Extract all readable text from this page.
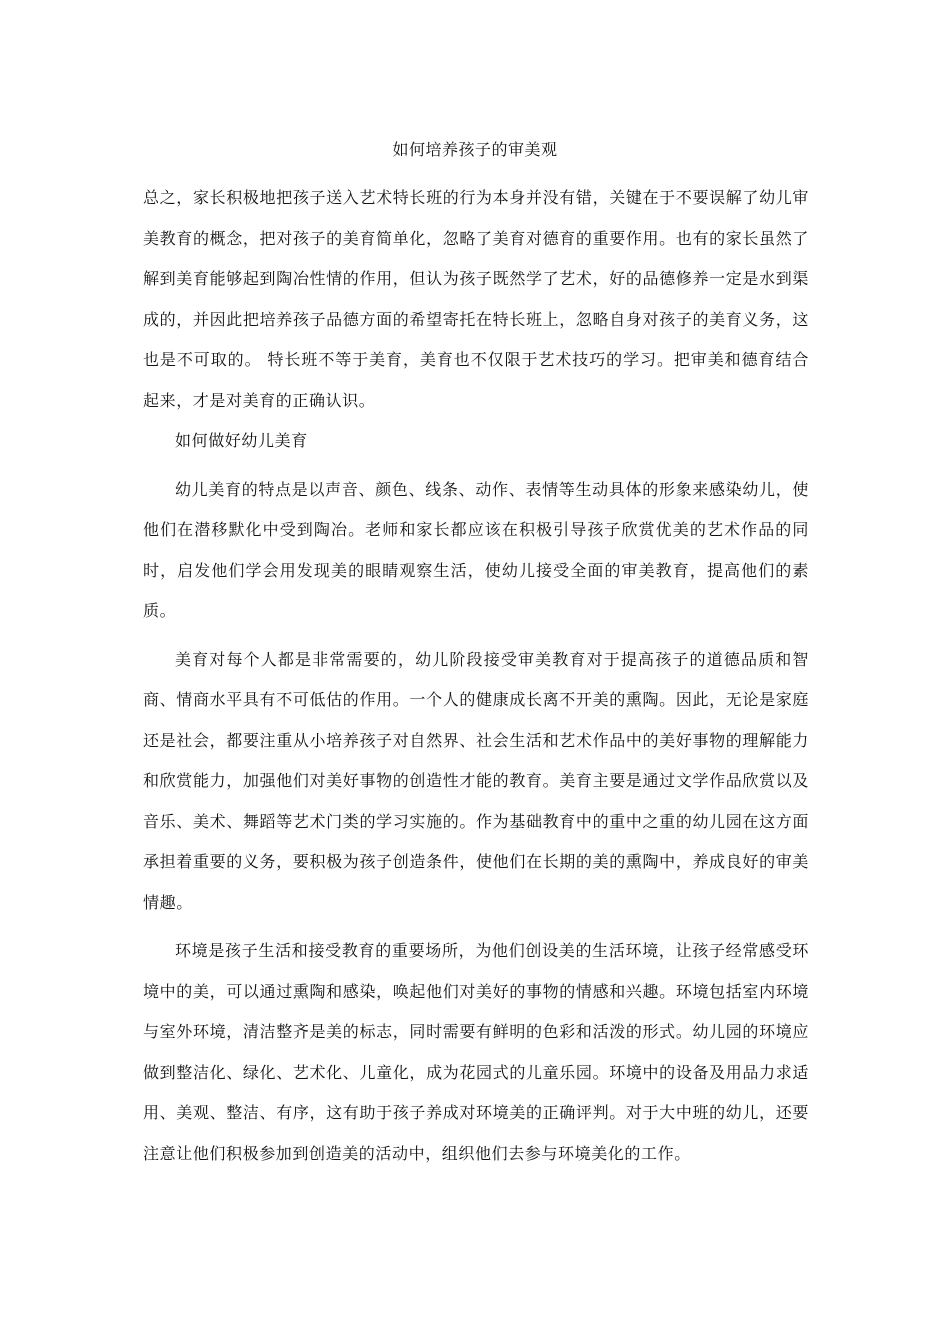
如何培养孩子的审美观

总之，家长积极地把孩子送入艺术特长班的行为本身并没有错，关键在于不要误解了幼儿审美教育的概念，把对孩子的美育简单化，忽略了美育对德育的重要作用。也有的家长虽然了解到美育能够起到陶冶性情的作用，但认为孩子既然学了艺术，好的品德修养一定是水到渠成的，并因此把培养孩子品德方面的希望寄托在特长班上，忽略自身对孩子的美育义务，这也是不可取的。 特长班不等于美育，美育也不仅限于艺术技巧的学习。把审美和德育结合起来，才是对美育的正确认识。

如何做好幼儿美育

幼儿美育的特点是以声音、颜色、线条、动作、表情等生动具体的形象来感染幼儿，使他们在潜移默化中受到陶冶。老师和家长都应该在积极引导孩子欣赏优美的艺术作品的同时，启发他们学会用发现美的眼睛观察生活，使幼儿接受全面的审美教育，提高他们的素质。

美育对每个人都是非常需要的，幼儿阶段接受审美教育对于提高孩子的道德品质和智商、情商水平具有不可低估的作用。一个人的健康成长离不开美的熏陶。因此，无论是家庭还是社会，都要注重从小培养孩子对自然界、社会生活和艺术作品中的美好事物的理解能力和欣赏能力，加强他们对美好事物的创造性才能的教育。美育主要是通过文学作品欣赏以及音乐、美术、舞蹈等艺术门类的学习实施的。作为基础教育中的重中之重的幼儿园在这方面承担着重要的义务，要积极为孩子创造条件，使他们在长期的美的熏陶中，养成良好的审美情趣。

环境是孩子生活和接受教育的重要场所，为他们创设美的生活环境，让孩子经常感受环境中的美，可以通过熏陶和感染，唤起他们对美好的事物的情感和兴趣。环境包括室内环境与室外环境，清洁整齐是美的标志，同时需要有鲜明的色彩和活泼的形式。幼儿园的环境应做到整洁化、绿化、艺术化、儿童化，成为花园式的儿童乐园。环境中的设备及用品力求适用、美观、整洁、有序，这有助于孩子养成对环境美的正确评判。对于大中班的幼儿，还要注意让他们积极参加到创造美的活动中，组织他们去参与环境美化的工作。
